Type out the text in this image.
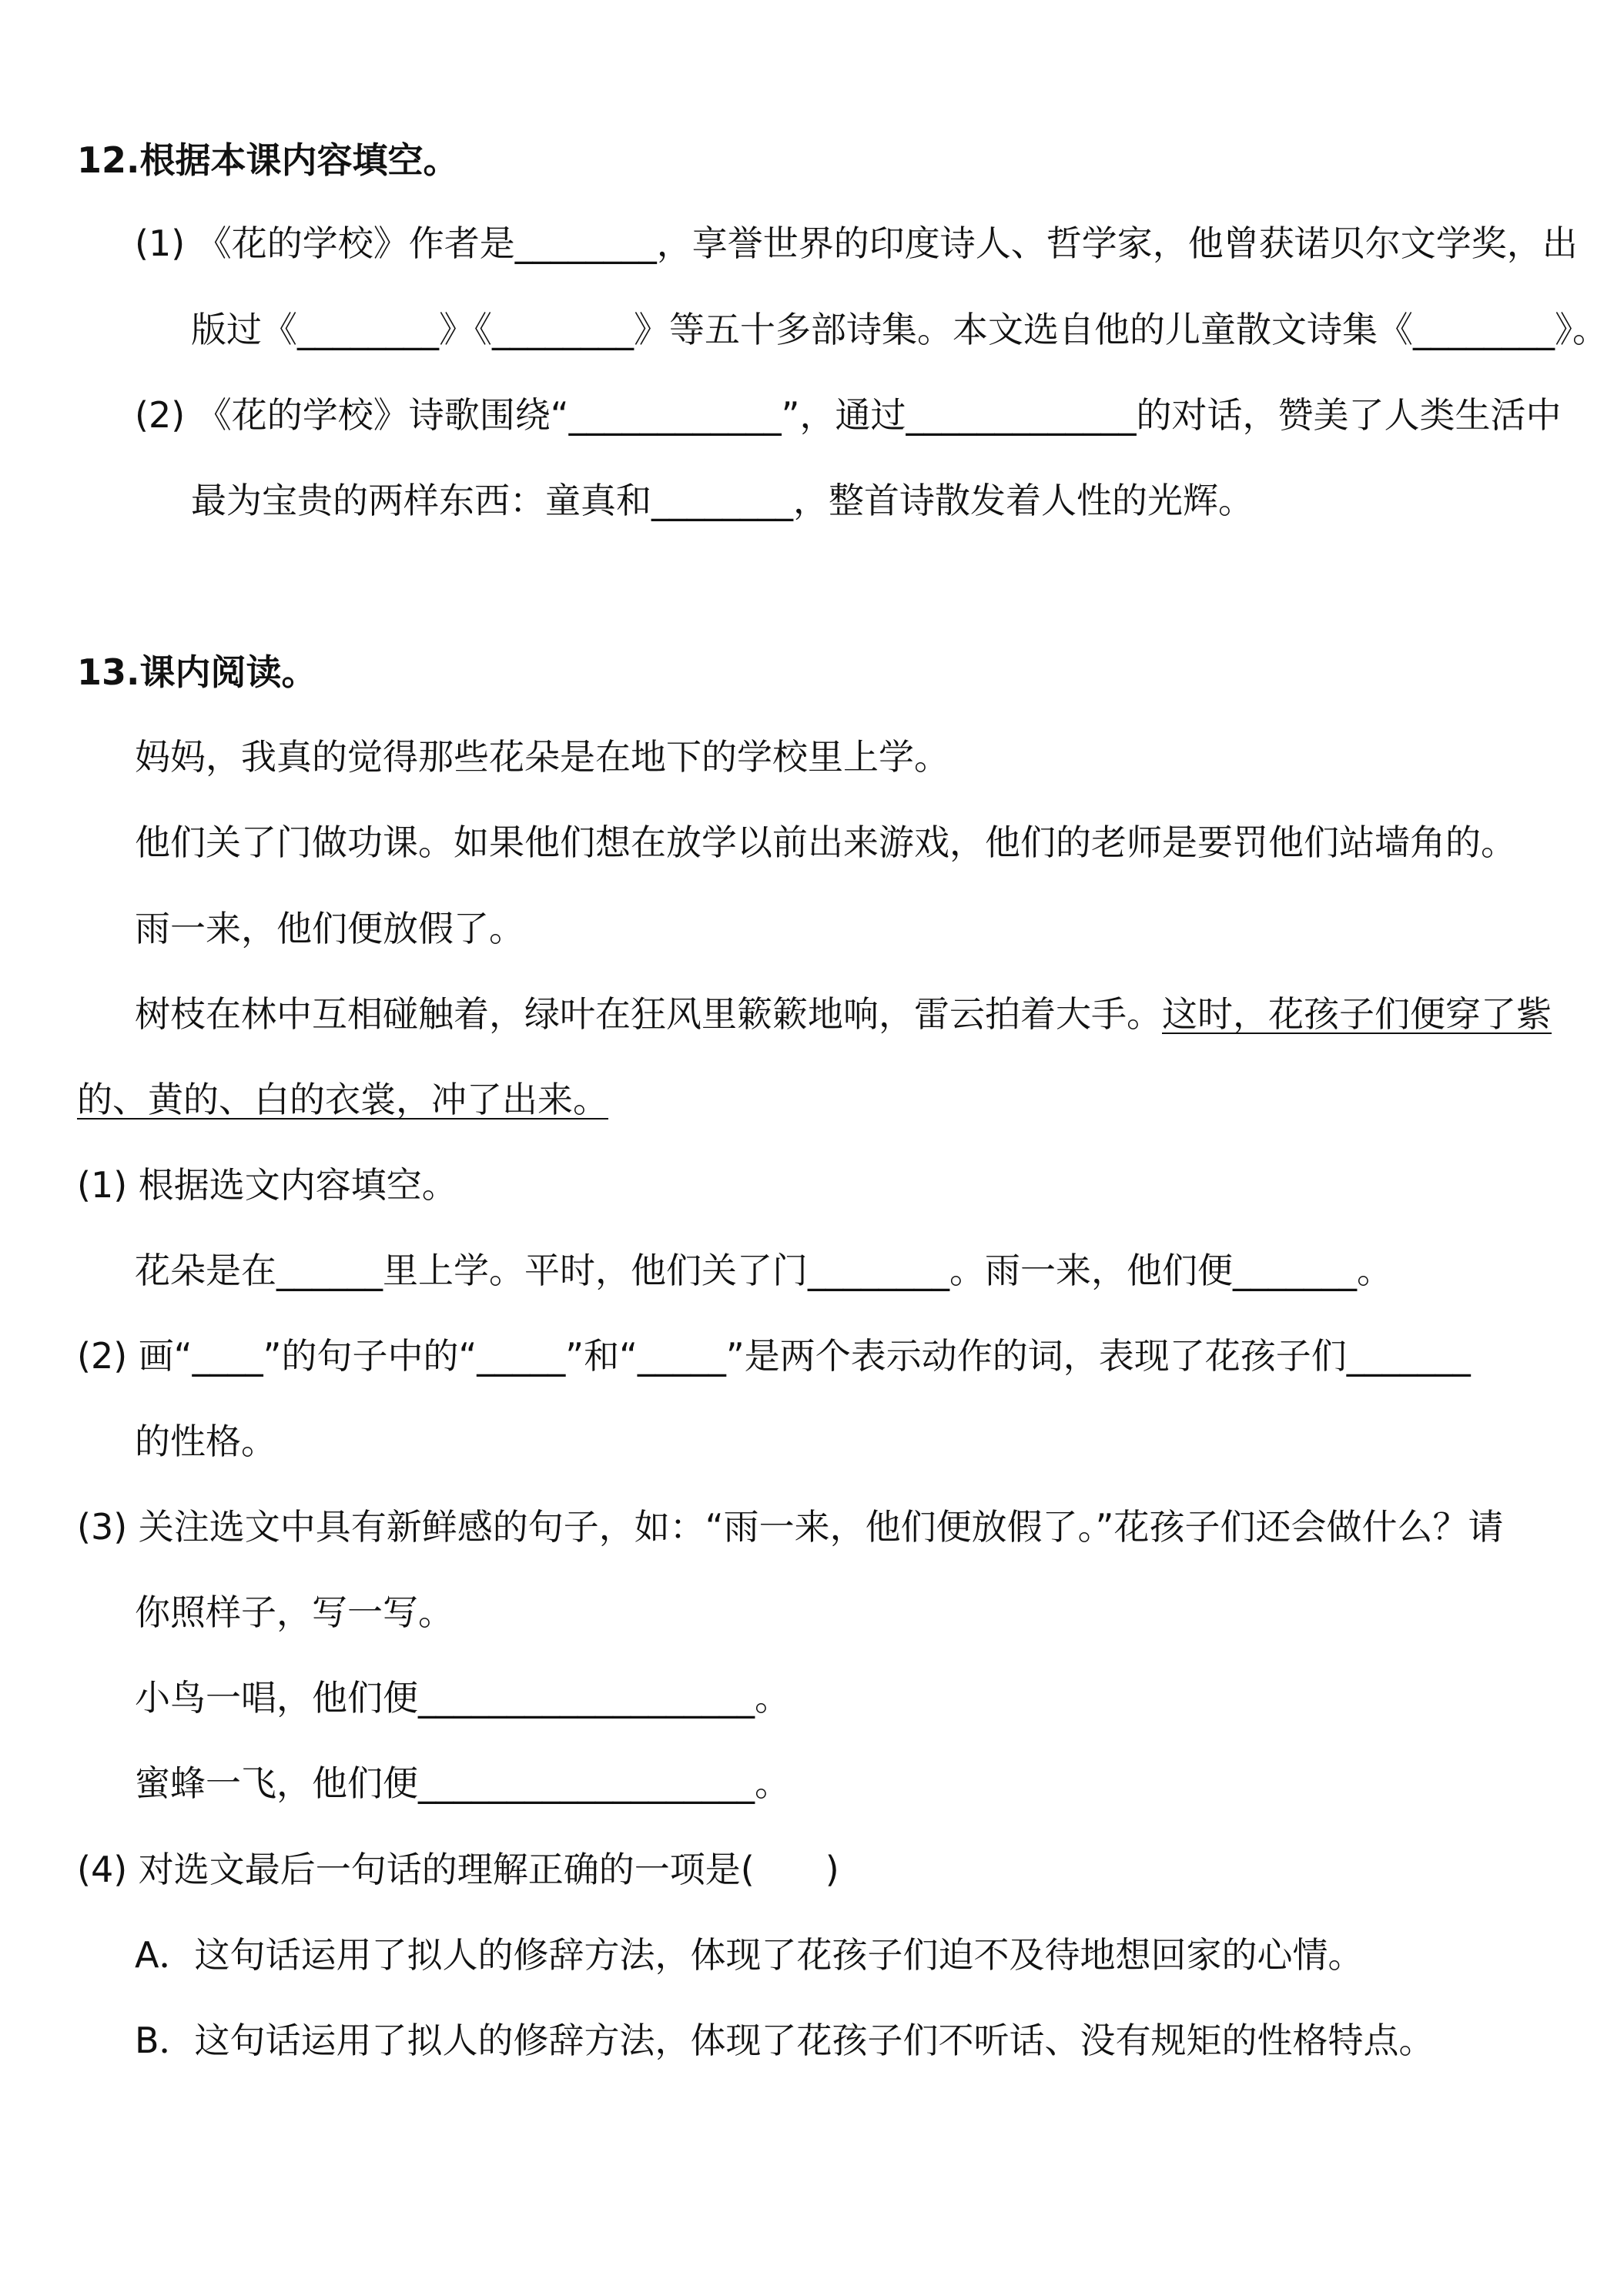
12.根据本课内容填空。
(1) 《花的学校》作者是________，享誉世界的印度诗人、哲学家，他曾获诺贝尔文学奖，出
版过《________》《________》等五十多部诗集。本文选自他的儿童散文诗集《________》。
(2) 《花的学校》诗歌围绕“____________”，通过_____________的对话，赞美了人类生活中
最为宝贵的两样东西：童真和________，整首诗散发着人性的光辉。
13.课内阅读。
妈妈，我真的觉得那些花朵是在地下的学校里上学。
他们关了门做功课。如果他们想在放学以前出来游戏，他们的老师是要罚他们站墙角的。
雨一来，他们便放假了。
树枝在林中互相碰触着，绿叶在狂风里簌簌地响，雷云拍着大手。这时，花孩子们便穿了紫
的、黄的、白的衣裳，冲了出来。
(1) 根据选文内容填空。
花朵是在______里上学。平时，他们关了门________。雨一来，他们便_______。
(2) 画“____”的句子中的“_____”和“_____”是两个表示动作的词，表现了花孩子们_______
的性格。
(3) 关注选文中具有新鲜感的句子，如：“雨一来，他们便放假了。”花孩子们还会做什么？请
你照样子，写一写。
小鸟一唱，他们便___________________。
蜜蜂一飞，他们便___________________。
(4) 对选文最后一句话的理解正确的一项是(　　)
A．这句话运用了拟人的修辞方法，体现了花孩子们迫不及待地想回家的心情。
B．这句话运用了拟人的修辞方法，体现了花孩子们不听话、没有规矩的性格特点。
